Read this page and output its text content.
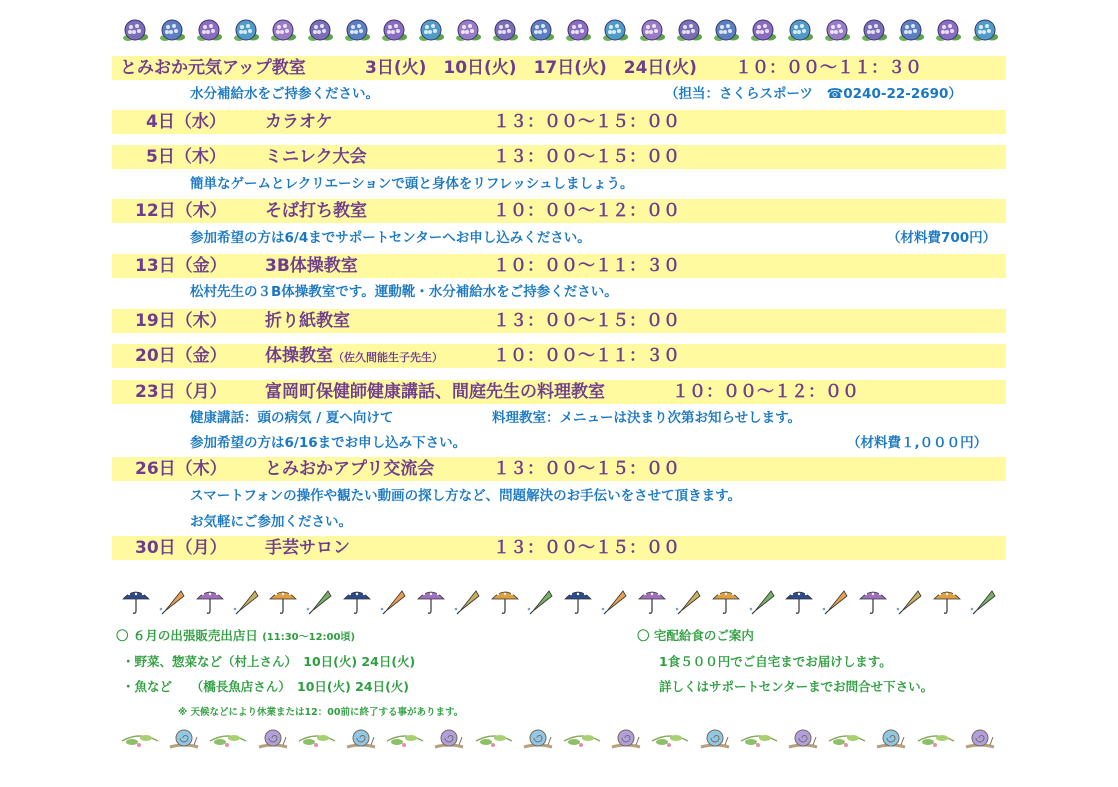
とみおか元気アップ教室	3日(火)　10日(火)　17日(火)　24日(火) １０：００～１１：３０
水分補給水をご持参ください。	（担当：さくらスポーツ　☎0240-22-2690）
4日（水） カラオケ	１３：００～１５：００
5日（木） ミニレク大会	１３：００～１５：００
簡単なゲームとレクリエーションで頭と身体をリフレッシュしましょう。
12日（木） そば打ち教室	１０：００～１２：００
参加希望の方は6/4までサポートセンターへお申し込みください。	（材料費700円）
13日（金） 3B体操教室	１０：００～１１：３０
松村先生の３B体操教室です。運動靴・水分補給水をご持参ください。
19日（木） 折り紙教室	１３：００～１５：００
20日（金） 体操教室（佐久間能生子先生）	１０：００～１１：３０
23日（月） 富岡町保健師健康講話、間庭先生の料理教室	１０：００～１２：００
健康講話：頭の病気 / 夏へ向けて	料理教室：メニューは決まり次第お知らせします。
参加希望の方は6/16までお申し込み下さい。	（材料費１,０００円）
26日（木） とみおかアプリ交流会	１３：００～１５：００
スマートフォンの操作や観たい動画の探し方など、問題解決のお手伝いをさせて頂きます。
お気軽にご参加ください。
30日（月） 手芸サロン	１３：００～１５：００
〇 ６月の出張販売出店日 (11:30～12:00頃)
・野菜、惣菜など（村上さん）　10日(火) 24日(火)
・魚など　　（橋長魚店さん）　10日(火) 24日(火)
※ 天候などにより休業または12：00前に終了する事があります。
〇 宅配給食のご案内
1食５００円でご自宅までお届けします。
詳しくはサポートセンターまでお問合せ下さい。
